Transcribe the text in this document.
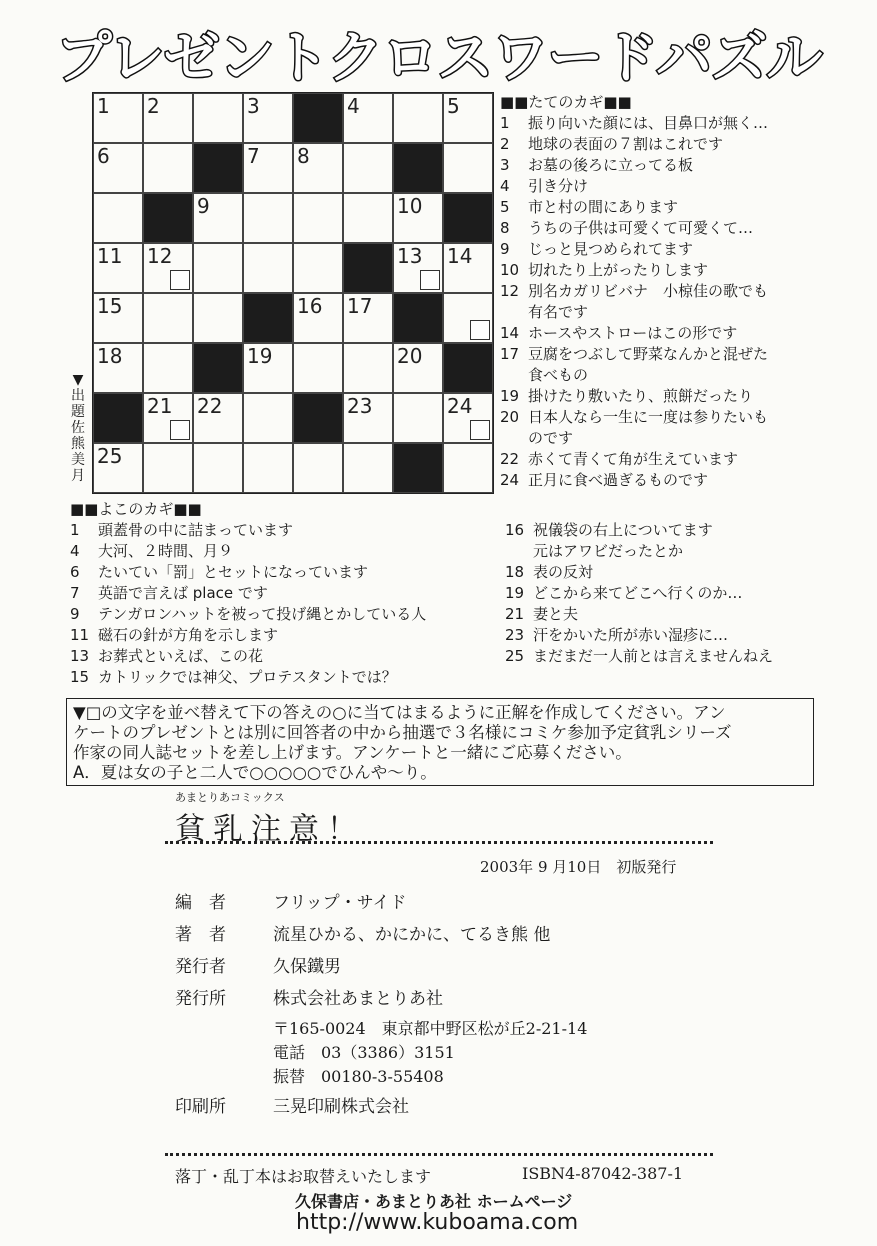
プレゼントクロスワードパズル
1 2	3	4	5
6	7 8
9	10
11 12	13 14
15	16 17
18	19	20
21 22	23	24
25
▼出題 佐熊美月
■■たてのカギ■■
1	振り向いた顔には、目鼻口が無く…
2	地球の表面の７割はこれです
3	お墓の後ろに立ってる板
4	引き分け
5	市と村の間にあります
8	うちの子供は可愛くて可愛くて…
9	じっと見つめられてます
10 切れたり上がったりします
12 別名カガリビバナ　小椋佳の歌でも
有名です
14 ホースやストローはこの形です
17 豆腐をつぶして野菜なんかと混ぜた
食べもの
19 掛けたり敷いたり、煎餅だったり
20 日本人なら一生に一度は参りたいも
のです
22 赤くて青くて角が生えています
24 正月に食べ過ぎるものです
■■よこのカギ■■
1	頭蓋骨の中に詰まっています
4	大河、２時間、月９
6	たいてい「罰」とセットになっています
7	英語で言えば place です
9	テンガロンハットを被って投げ縄とかしている人
11 磁石の針が方角を示します
13 お葬式といえば、この花
15 カトリックでは神父、プロテスタントでは？
16 祝儀袋の右上についてます
元はアワビだったとか
18 表の反対
19 どこから来てどこへ行くのか…
21 妻と夫
23 汗をかいた所が赤い湿疹に…
25 まだまだ一人前とは言えませんねえ
▼□の文字を並べ替えて下の答えの○に当てはまるように正解を作成してください。アン
ケートのプレゼントとは別に回答者の中から抽選で３名様にコミケ参加予定貧乳シリーズ
作家の同人誌セットを差し上げます。アンケートと一緒にご応募ください。
A．夏は女の子と二人で○○○○○でひんや～り。
あまとりあコミックス
貧乳注意！
2003年 9 月10日　初版発行
編　者	フリップ・サイド
著　者	流星ひかる、かにかに、てるき熊 他
発行者	久保鐵男
発行所	株式会社あまとりあ社
〒165-0024　東京都中野区松が丘2-21-14
電話　03（3386）3151
振替　00180-3-55408
印刷所	三晃印刷株式会社
落丁・乱丁本はお取替えいたします	ISBN4-87042-387-1
久保書店・あまとりあ社 ホームページ
http://www.kuboama.com
